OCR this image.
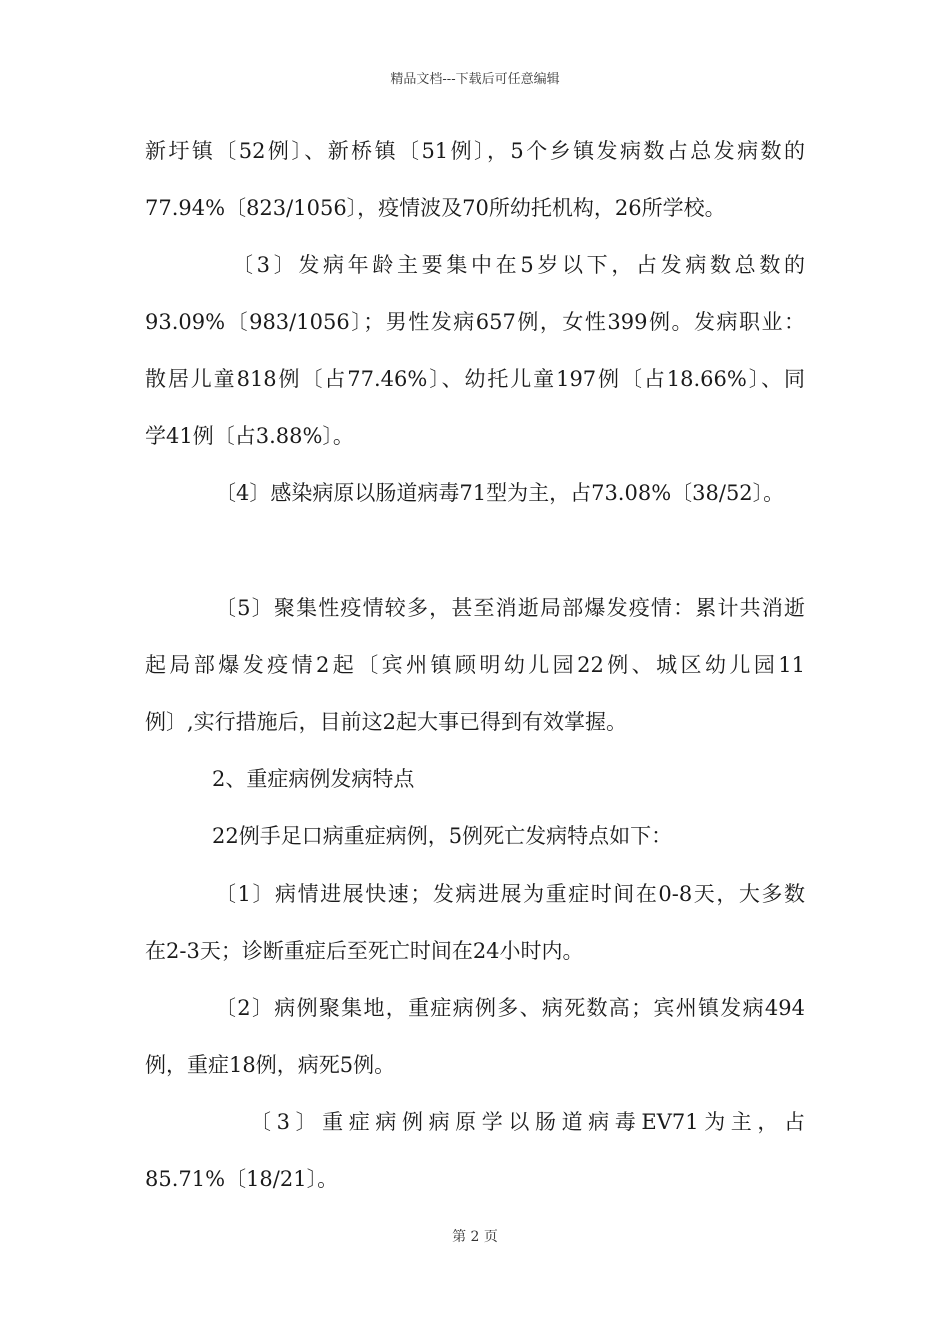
精品文档---下载后可任意编辑
新圩镇〔52例〕、新桥镇〔51例〕，5个乡镇发病数占总发病数的
77.94%〔823/1056〕，疫情波及70所幼托机构，26所学校。
〔3〕发病年龄主要集中在5岁以下，占发病数总数的
93.09%〔983/1056〕；男性发病657例，女性399例。发病职业：
散居儿童818例〔占77.46%〕、幼托儿童197例〔占18.66%〕、同
学41例〔占3.88%〕。
〔4〕感染病原以肠道病毒71型为主，占73.08%〔38/52〕。
〔5〕聚集性疫情较多，甚至消逝局部爆发疫情：累计共消逝
起局部爆发疫情2起〔宾州镇顾明幼儿园22例、城区幼儿园11
例〕,实行措施后，目前这2起大事已得到有效掌握。
2、重症病例发病特点
22例手足口病重症病例，5例死亡发病特点如下：
〔1〕病情进展快速；发病进展为重症时间在0-8天，大多数
在2-3天；诊断重症后至死亡时间在24小时内。
〔2〕病例聚集地，重症病例多、病死数高；宾州镇发病494
例，重症18例，病死5例。
〔3〕重症病例病原学以肠道病毒EV71为主，占
85.71%〔18/21〕。
第 2 页
